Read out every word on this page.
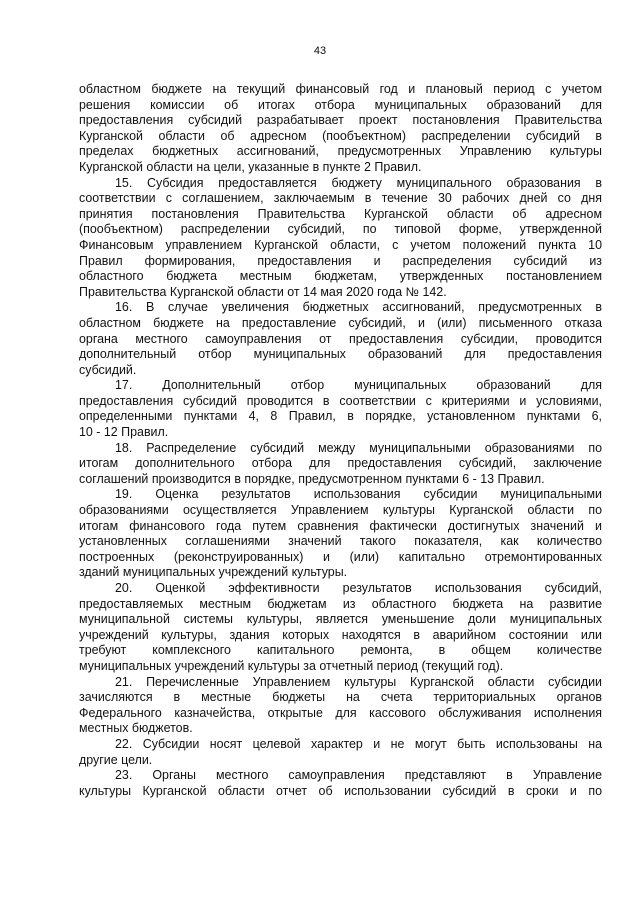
43
областном бюджете на текущий финансовый год и плановый период с учетом
решения комиссии об итогах отбора муниципальных образований для
предоставления субсидий разрабатывает проект постановления Правительства
Курганской области об адресном (пообъектном) распределении субсидий в
пределах бюджетных ассигнований, предусмотренных Управлению культуры
Курганской области на цели, указанные в пункте 2 Правил.
15. Субсидия предоставляется бюджету муниципального образования в
соответствии с соглашением, заключаемым в течение 30 рабочих дней со дня
принятия постановления Правительства Курганской области об адресном
(пообъектном) распределении субсидий, по типовой форме, утвержденной
Финансовым управлением Курганской области, с учетом положений пункта 10
Правил формирования, предоставления и распределения субсидий из
областного бюджета местным бюджетам, утвержденных постановлением
Правительства Курганской области от 14 мая 2020 года № 142.
16. В случае увеличения бюджетных ассигнований, предусмотренных в
областном бюджете на предоставление субсидий, и (или) письменного отказа
органа местного самоуправления от предоставления субсидии, проводится
дополнительный отбор муниципальных образований для предоставления
субсидий.
17. Дополнительный отбор муниципальных образований для
предоставления субсидий проводится в соответствии с критериями и условиями,
определенными пунктами 4, 8 Правил, в порядке, установленном пунктами 6,
10 - 12 Правил.
18. Распределение субсидий между муниципальными образованиями по
итогам дополнительного отбора для предоставления субсидий, заключение
соглашений производится в порядке, предусмотренном пунктами 6 - 13 Правил.
19. Оценка результатов использования субсидии муниципальными
образованиями осуществляется Управлением культуры Курганской области по
итогам финансового года путем сравнения фактически достигнутых значений и
установленных соглашениями значений такого показателя, как количество
построенных (реконструированных) и (или) капитально отремонтированных
зданий муниципальных учреждений культуры.
20. Оценкой эффективности результатов использования субсидий,
предоставляемых местным бюджетам из областного бюджета на развитие
муниципальной системы культуры, является уменьшение доли муниципальных
учреждений культуры, здания которых находятся в аварийном состоянии или
требуют комплексного капитального ремонта, в общем количестве
муниципальных учреждений культуры за отчетный период (текущий год).
21. Перечисленные Управлением культуры Курганской области субсидии
зачисляются в местные бюджеты на счета территориальных органов
Федерального казначейства, открытые для кассового обслуживания исполнения
местных бюджетов.
22. Субсидии носят целевой характер и не могут быть использованы на
другие цели.
23. Органы местного самоуправления представляют в Управление
культуры Курганской области отчет об использовании субсидий в сроки и по
